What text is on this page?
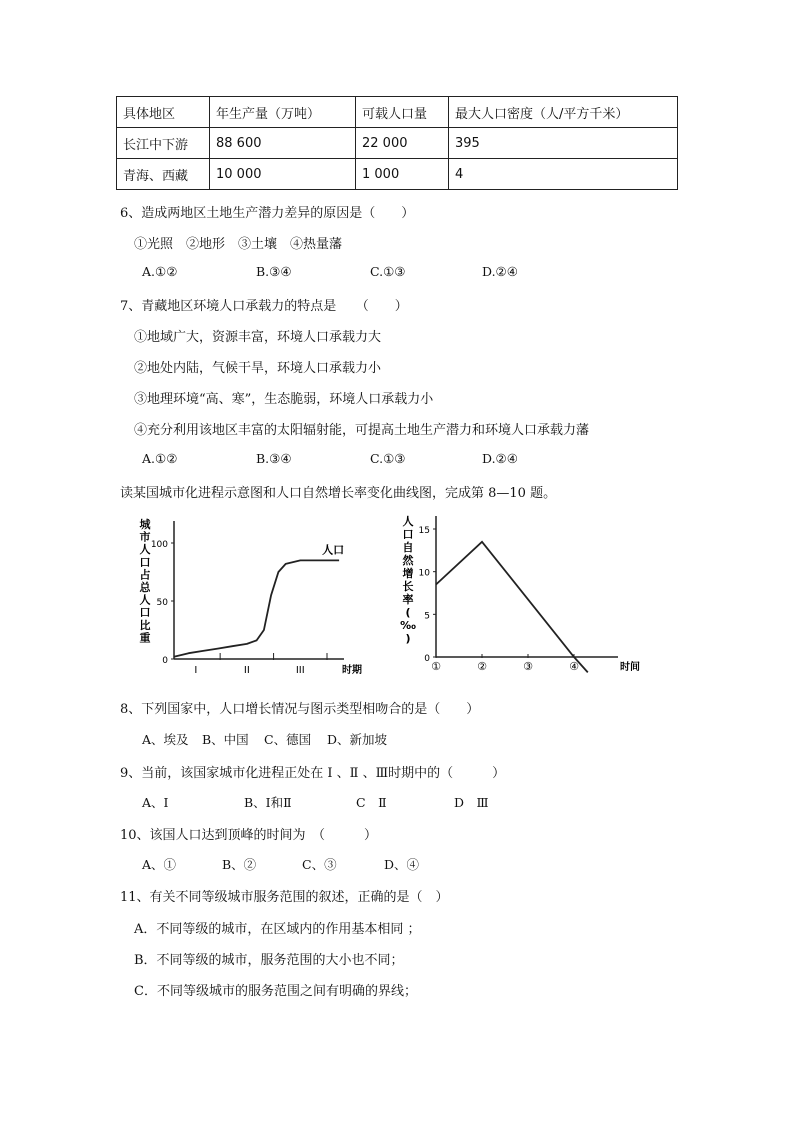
具体地区	年生产量（万吨）	可载人口量	最大人口密度（人/平方千米）
长江中下游	88 600	22 000	395
青海、西藏	10 000	1 000	4
6、造成两地区土地生产潜力差异的原因是（　　）
①光照　②地形　③土壤　④热量藩
A.①②	B.③④	C.①③	D.②④
7、青藏地区环境人口承载力的特点是　　（　　）
①地域广大，资源丰富，环境人口承载力大
②地处内陆，气候干旱，环境人口承载力小
③地理环境“高、寒”，生态脆弱，环境人口承载力小
④充分利用该地区丰富的太阳辐射能，可提高土地生产潜力和环境人口承载力藩
A.①②	B.③④	C.①③	D.②④
读某国城市化进程示意图和人口自然增长率变化曲线图，完成第 8—10 题。
城
市
人
口
占
总
人
口
比
重
0
50
100
I	II	III	时期
人口
人
口
自
然
增
长
率
(
‰
)
0
5
10
15
①	②	③	④	时间
8、下列国家中，人口增长情况与图示类型相吻合的是（　　）
A、埃及 B、中国 C、德国 D、新加坡
9、当前，该国家城市化进程正处在 Ⅰ 、Ⅱ 、Ⅲ时期中的（　　　）
A、Ⅰ	B、Ⅰ和Ⅱ	C　Ⅱ	D　Ⅲ
10、该国人口达到顶峰的时间为　（　　　）
A、①	B、②	C、③	D、④
11、有关不同等级城市服务范围的叙述，正确的是（　）
A．不同等级的城市，在区域内的作用基本相同 ；
B．不同等级的城市，服务范围的大小也不同；
C．不同等级城市的服务范围之间有明确的界线；
